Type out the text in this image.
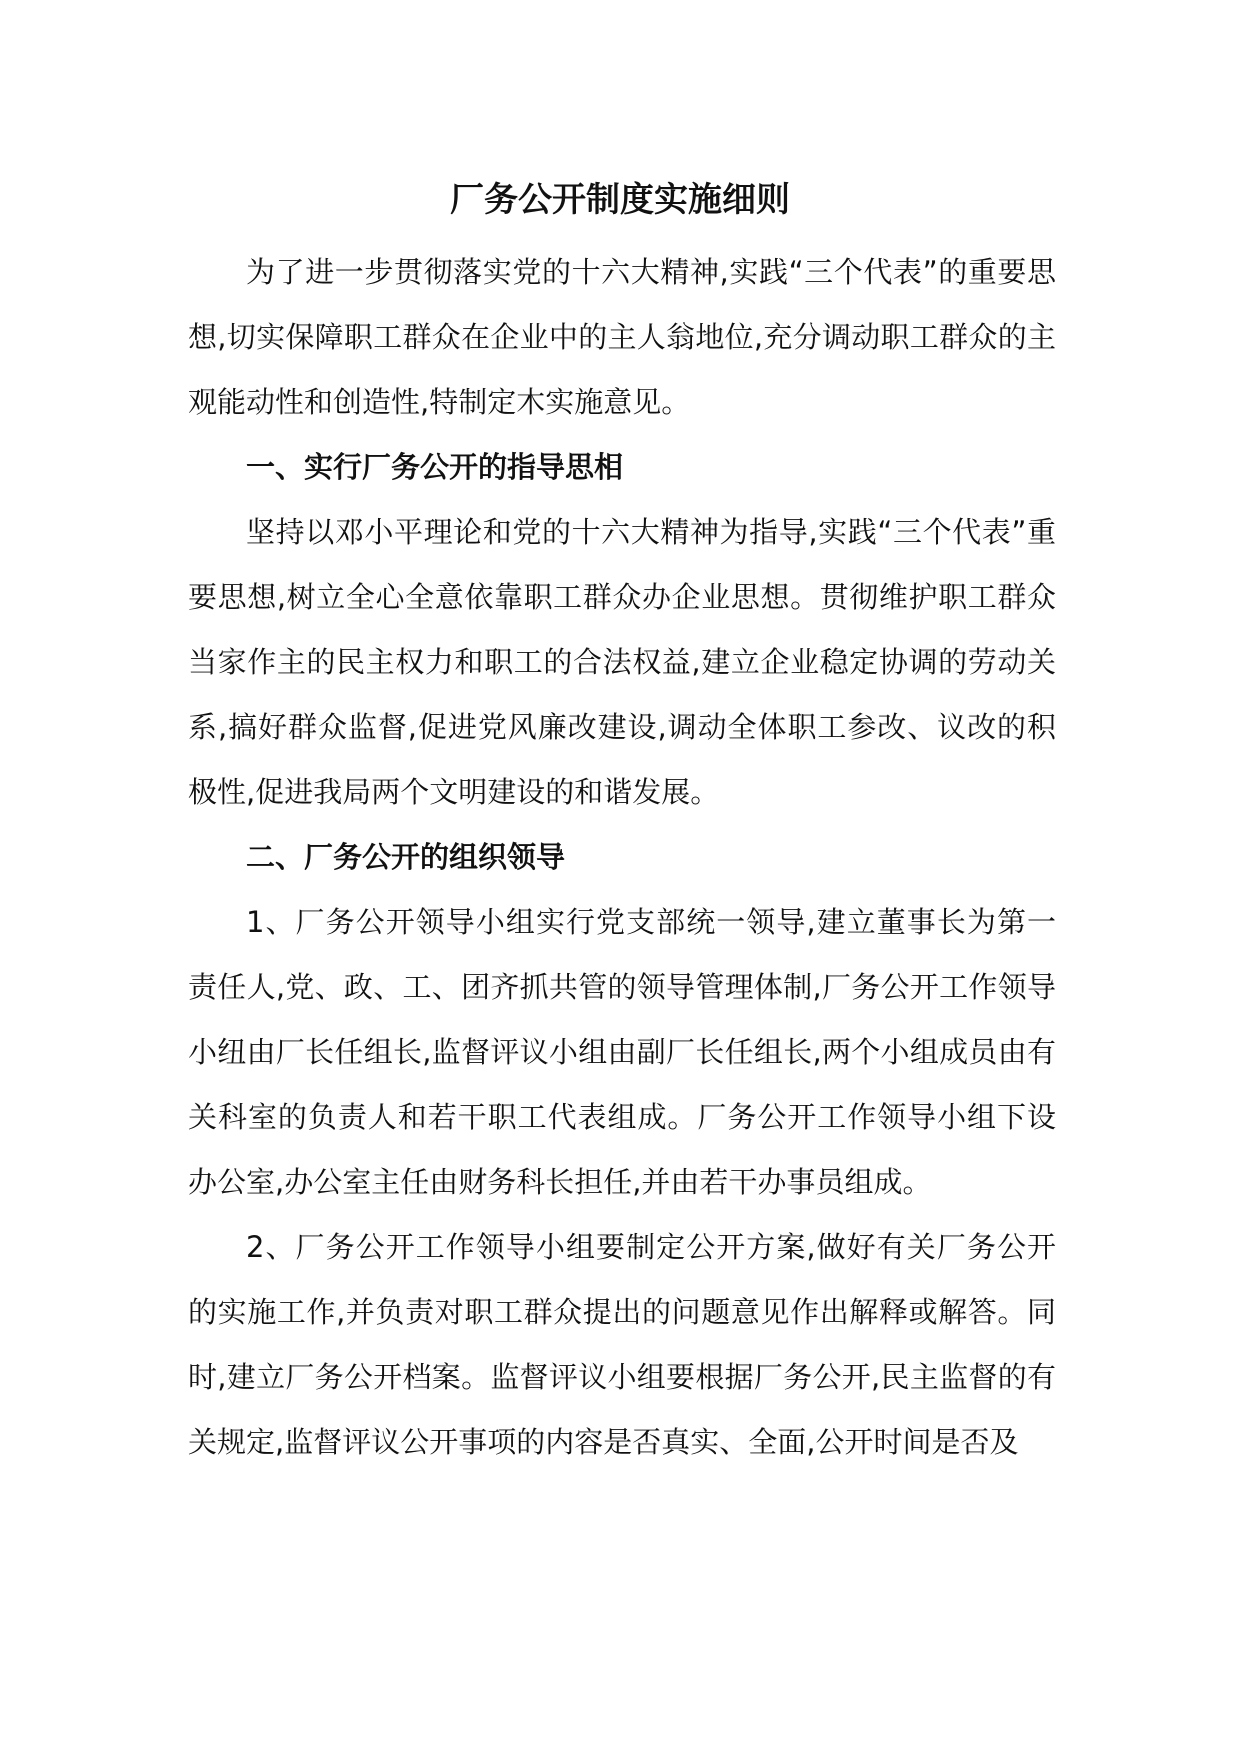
厂务公开制度实施细则

为了进一步贯彻落实党的十六大精神,实践“三个代表”的重要思想,切实保障职工群众在企业中的主人翁地位,充分调动职工群众的主观能动性和创造性,特制定木实施意见。

一、实行厂务公开的指导思相

坚持以邓小平理论和党的十六大精神为指导,实践“三个代表”重要思想,树立全心全意依靠职工群众办企业思想。贯彻维护职工群众当家作主的民主权力和职工的合法权益,建立企业稳定协调的劳动关系,搞好群众监督,促进党风廉改建设,调动全体职工参改、议改的积极性,促进我局两个文明建设的和谐发展。

二、厂务公开的组织领导

1、厂务公开领导小组实行党支部统一领导,建立董事长为第一责任人,党、政、工、团齐抓共管的领导管理体制,厂务公开工作领导小纽由厂长任组长,监督评议小组由副厂长任组长,两个小组成员由有关科室的负责人和若干职工代表组成。厂务公开工作领导小组下设办公室,办公室主任由财务科长担任,并由若干办事员组成。

2、厂务公开工作领导小组要制定公开方案,做好有关厂务公开的实施工作,并负责对职工群众提出的问题意见作出解释或解答。同时,建立厂务公开档案。监督评议小组要根据厂务公开,民主监督的有关规定,监督评议公开事项的内容是否真实、全面,公开时间是否及
